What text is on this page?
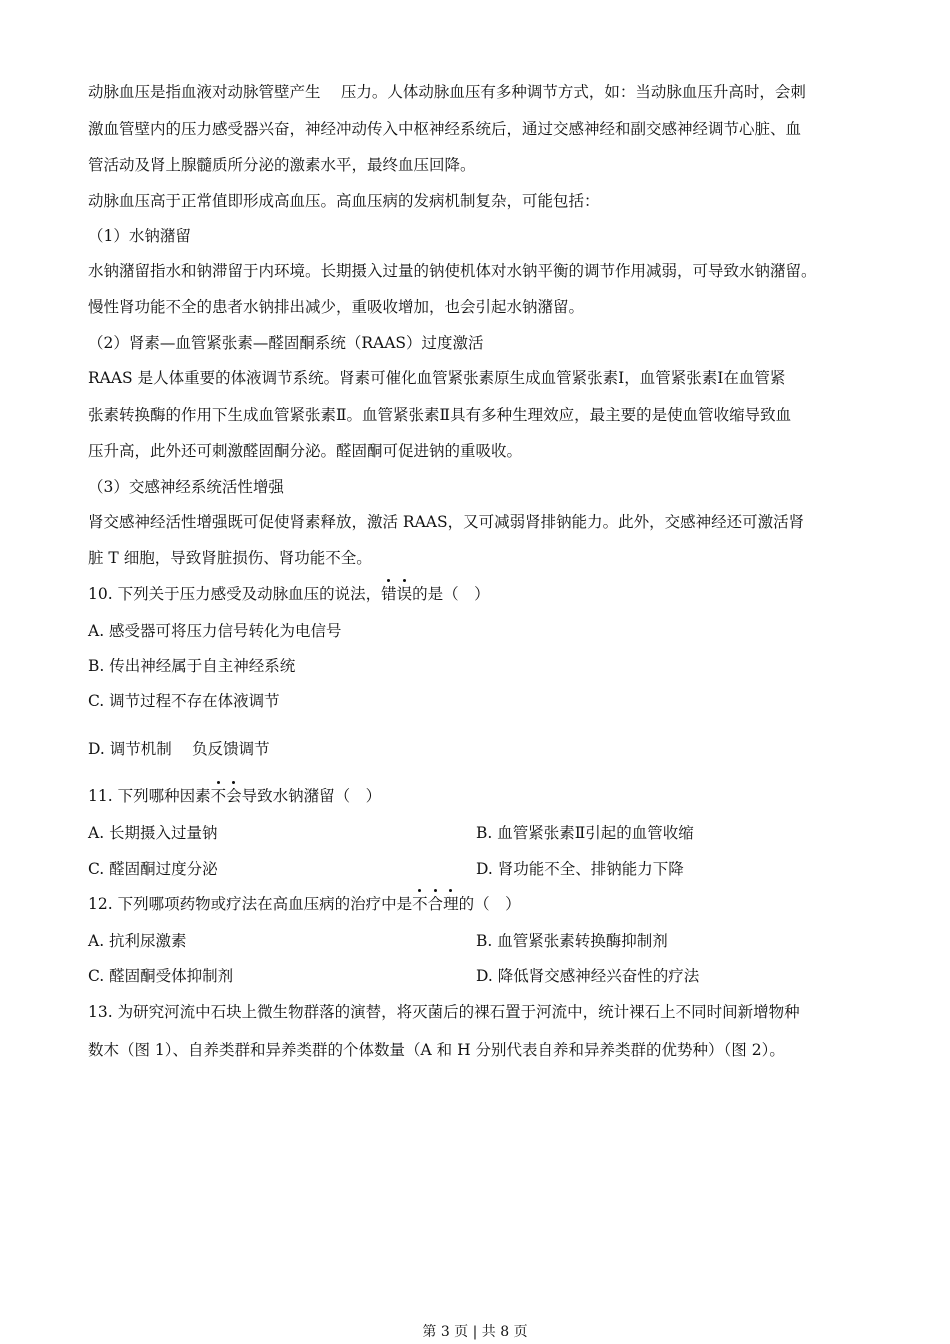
动脉血压是指血液对动脉管壁产生 　压力。人体动脉血压有多种调节方式，如：当动脉血压升高时，会刺
激血管壁内的压力感受器兴奋，神经冲动传入中枢神经系统后，通过交感神经和副交感神经调节心脏、血
管活动及肾上腺髓质所分泌的激素水平，最终血压回降。
动脉血压高于正常值即形成高血压。高血压病的发病机制复杂，可能包括：
（1）水钠潴留
水钠潴留指水和钠滞留于内环境。长期摄入过量的钠使机体对水钠平衡的调节作用减弱，可导致水钠潴留。
慢性肾功能不全的患者水钠排出减少，重吸收增加，也会引起水钠潴留。
（2）肾素—血管紧张素—醛固酮系统（RAAS）过度激活
RAAS 是人体重要的体液调节系统。肾素可催化血管紧张素原生成血管紧张素Ⅰ，血管紧张素Ⅰ在血管紧
张素转换酶的作用下生成血管紧张素Ⅱ。血管紧张素Ⅱ具有多种生理效应，最主要的是使血管收缩导致血
压升高，此外还可刺激醛固酮分泌。醛固酮可促进钠的重吸收。
（3）交感神经系统活性增强
肾交感神经活性增强既可促使肾素释放，激活 RAAS，又可减弱肾排钠能力。此外，交感神经还可激活肾
脏 T 细胞，导致肾脏损伤、肾功能不全。
10. 下列关于压力感受及动脉血压的说法，错误的是（　）
A. 感受器可将压力信号转化为电信号
B. 传出神经属于自主神经系统
C. 调节过程不存在体液调节
D. 调节机制 　负反馈调节
11. 下列哪种因素不会导致水钠潴留（　）
A. 长期摄入过量钠	B. 血管紧张素Ⅱ引起的血管收缩
C. 醛固酮过度分泌	D. 肾功能不全、排钠能力下降
12. 下列哪项药物或疗法在高血压病的治疗中是不合理的（　）
A. 抗利尿激素	B. 血管紧张素转换酶抑制剂
C. 醛固酮受体抑制剂	D. 降低肾交感神经兴奋性的疗法
13. 为研究河流中石块上微生物群落的演替，将灭菌后的裸石置于河流中，统计裸石上不同时间新增物种
数木（图 1）、自养类群和异养类群的个体数量（A 和 H 分别代表自养和异养类群的优势种）（图 2）。
第 3 页 | 共 8 页
